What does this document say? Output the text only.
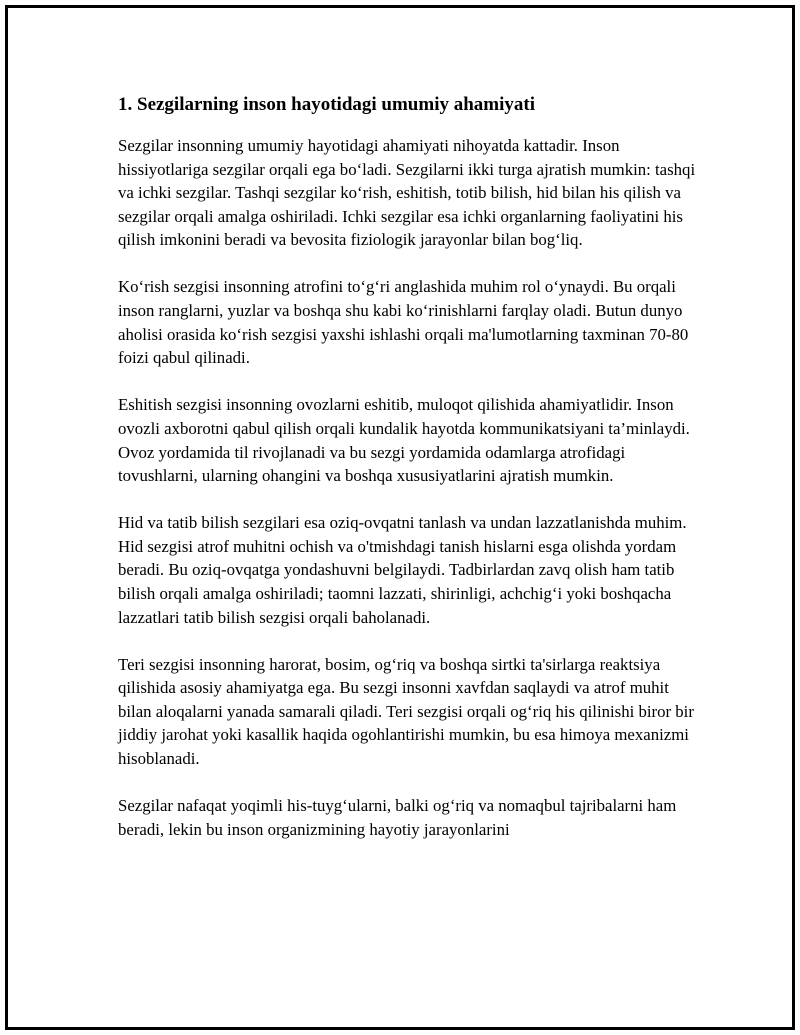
1. Sezgilarning inson hayotidagi umumiy ahamiyati

Sezgilar insonning umumiy hayotidagi ahamiyati nihoyatda kattadir. Inson hissiyotlariga sezgilar orqali ega bo‘ladi. Sezgilarni ikki turga ajratish mumkin: tashqi va ichki sezgilar. Tashqi sezgilar ko‘rish, eshitish, totib bilish, hid bilan his qilish va sezgilar orqali amalga oshiriladi. Ichki sezgilar esa ichki organlarning faoliyatini his qilish imkonini beradi va bevosita fiziologik jarayonlar bilan bog‘liq.

Ko‘rish sezgisi insonning atrofini to‘g‘ri anglashida muhim rol o‘ynaydi. Bu orqali inson ranglarni, yuzlar va boshqa shu kabi ko‘rinishlarni farqlay oladi. Butun dunyo aholisi orasida ko‘rish sezgisi yaxshi ishlashi orqali ma'lumotlarning taxminan 70-80 foizi qabul qilinadi.

Eshitish sezgisi insonning ovozlarni eshitib, muloqot qilishida ahamiyatlidir. Inson ovozli axborotni qabul qilish orqali kundalik hayotda kommunikatsiyani ta’minlaydi. Ovoz yordamida til rivojlanadi va bu sezgi yordamida odamlarga atrofidagi tovushlarni, ularning ohangini va boshqa xususiyatlarini ajratish mumkin.

Hid va tatib bilish sezgilari esa oziq-ovqatni tanlash va undan lazzatlanishda muhim. Hid sezgisi atrof muhitni ochish va o'tmishdagi tanish hislarni esga olishda yordam beradi. Bu oziq-ovqatga yondashuvni belgilaydi. Tadbirlardan zavq olish ham tatib bilish orqali amalga oshiriladi; taomni lazzati, shirinligi, achchig‘i yoki boshqacha lazzatlari tatib bilish sezgisi orqali baholanadi.

Teri sezgisi insonning harorat, bosim, og‘riq va boshqa sirtki ta'sirlarga reaktsiya qilishida asosiy ahamiyatga ega. Bu sezgi insonni xavfdan saqlaydi va atrof muhit bilan aloqalarni yanada samarali qiladi. Teri sezgisi orqali og‘riq his qilinishi biror bir jiddiy jarohat yoki kasallik haqida ogohlantirishi mumkin, bu esa himoya mexanizmi hisoblanadi.

Sezgilar nafaqat yoqimli his-tuyg‘ularni, balki og‘riq va nomaqbul tajribalarni ham beradi, lekin bu inson organizmining hayotiy jarayonlarini
